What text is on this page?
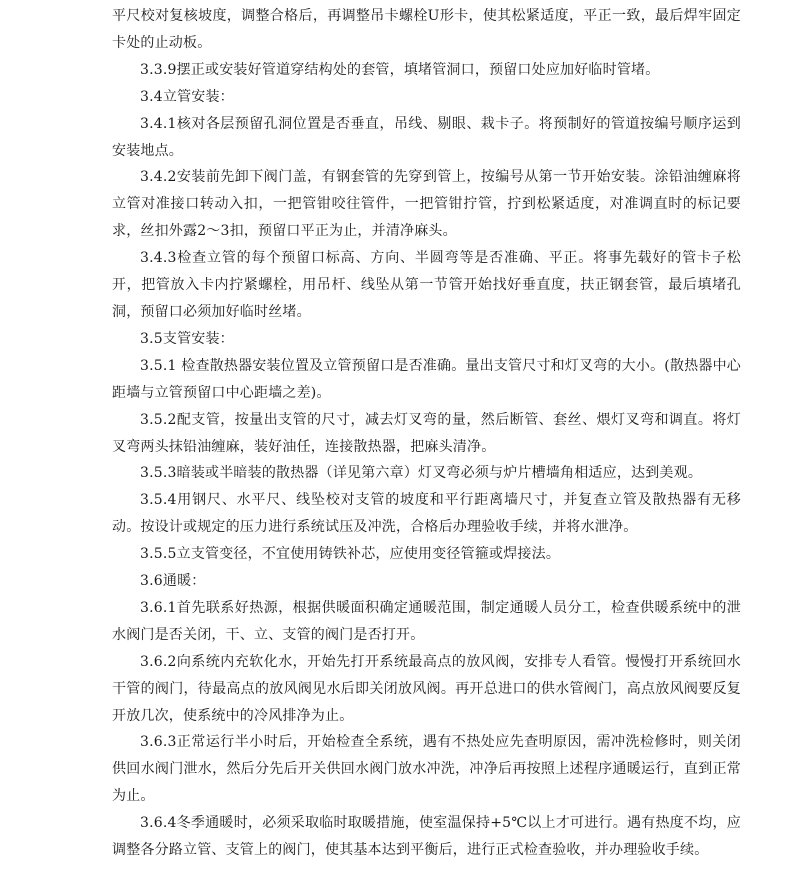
平尺校对复核坡度，调整合格后，再调整吊卡螺栓U形卡，使其松紧适度，平正一致，最后焊牢固定卡处的止动板。

3.3.9摆正或安装好管道穿结构处的套管，填堵管洞口，预留口处应加好临时管堵。

3.4立管安装：

3.4.1核对各层预留孔洞位置是否垂直，吊线、剔眼、栽卡子。将预制好的管道按编号顺序运到安装地点。

3.4.2安装前先卸下阀门盖，有钢套管的先穿到管上，按编号从第一节开始安装。涂铅油缠麻将立管对准接口转动入扣，一把管钳咬往管件，一把管钳拧管，拧到松紧适度，对准调直时的标记要求，丝扣外露2～3扣，预留口平正为止，并清净麻头。

3.4.3检查立管的每个预留口标高、方向、半圆弯等是否准确、平正。将事先载好的管卡子松开，把管放入卡内拧紧螺栓，用吊杆、线坠从第一节管开始找好垂直度，扶正钢套管，最后填堵孔洞，预留口必须加好临时丝堵。

3.5支管安装：

3.5.1 检查散热器安装位置及立管预留口是否准确。量出支管尺寸和灯叉弯的大小。(散热器中心距墙与立管预留口中心距墙之差)。

3.5.2配支管，按量出支管的尺寸，减去灯叉弯的量，然后断管、套丝、煨灯叉弯和调直。将灯叉弯两头抹铅油缠麻，装好油任，连接散热器，把麻头清净。

3.5.3暗装或半暗装的散热器（详见第六章）灯叉弯必须与炉片槽墙角相适应，达到美观。

3.5.4用钢尺、水平尺、线坠校对支管的坡度和平行距离墙尺寸，并复查立管及散热器有无移动。按设计或规定的压力进行系统试压及冲洗，合格后办理验收手续，并将水泄净。

3.5.5立支管变径，不宜使用铸铁补芯，应使用变径管箍或焊接法。

3.6通暖：

3.6.1首先联系好热源，根据供暖面积确定通暖范围，制定通暖人员分工，检查供暖系统中的泄水阀门是否关闭，干、立、支管的阀门是否打开。

3.6.2向系统内充软化水，开始先打开系统最高点的放风阀，安排专人看管。慢慢打开系统回水干管的阀门，待最高点的放风阀见水后即关闭放风阀。再开总进口的供水管阀门，高点放风阀要反复开放几次，使系统中的冷风排净为止。

3.6.3正常运行半小时后，开始检查全系统，遇有不热处应先查明原因，需冲洗检修时，则关闭供回水阀门泄水，然后分先后开关供回水阀门放水冲洗，冲净后再按照上述程序通暖运行，直到正常为止。

3.6.4冬季通暖时，必须采取临时取暖措施，使室温保持+5℃以上才可进行。遇有热度不均，应调整各分路立管、支管上的阀门，使其基本达到平衡后，进行正式检查验收，并办理验收手续。
